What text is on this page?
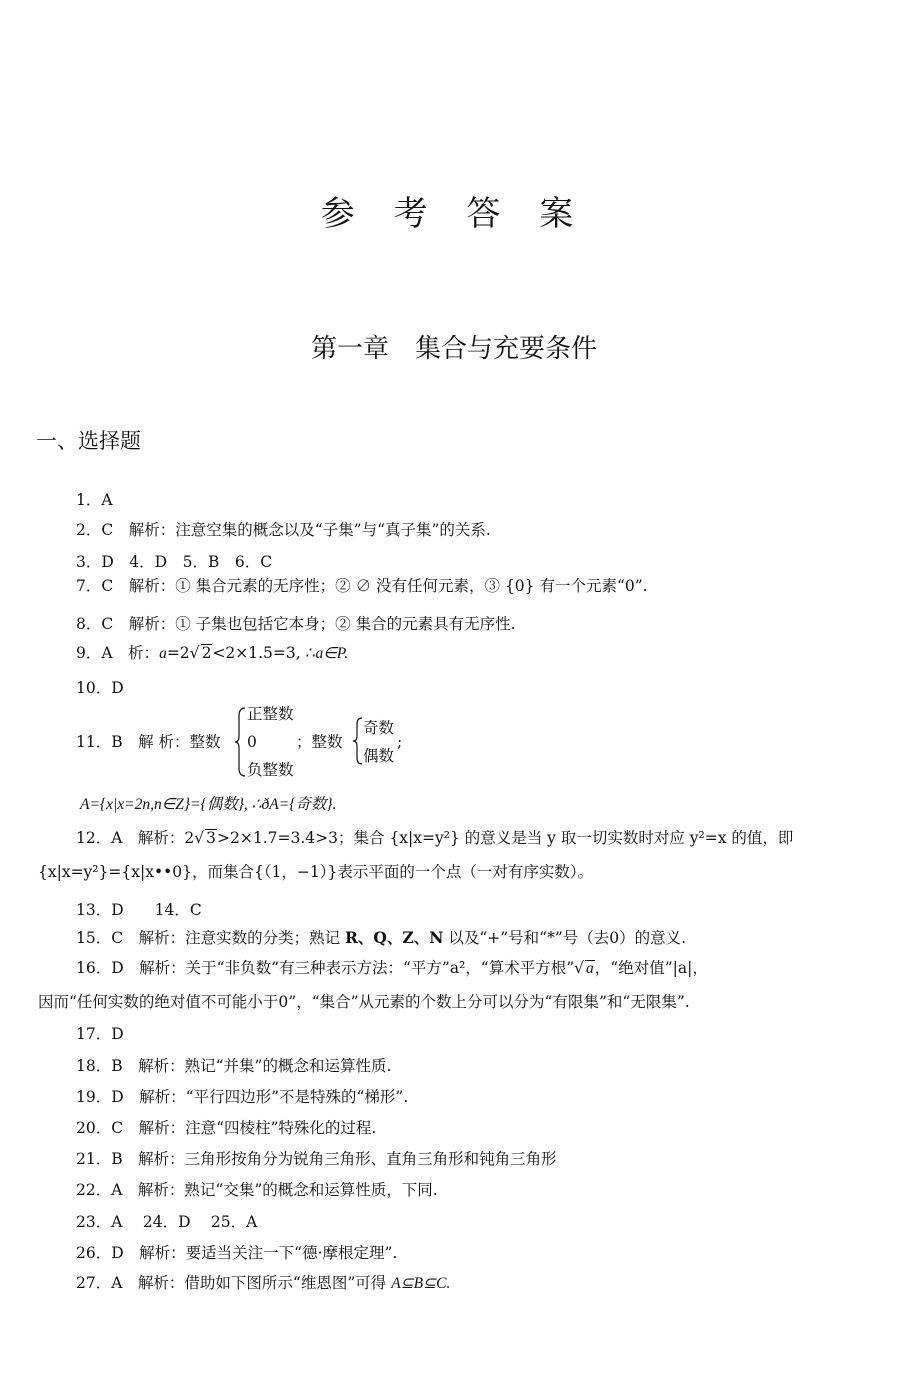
参 考 答 案
第一章　集合与充要条件
一、选择题
1．A
2．C　解析：注意空集的概念以及“子集”与“真子集”的关系.
3．D　4．D　5．B　6．C
7．C　解析：① 集合元素的无序性；② ∅ 没有任何元素，③ {0} 有一个元素“0”.
8．C　解析：① 子集也包括它本身；② 集合的元素具有无序性.
9．A　析：a=2√ 2<2×1.5=3, ∴a∈P.
10．D
11．B　解 析：整数
正整数
0
负整数
；整数
奇数
偶数
;
A={x|x=2n,n∈Z}={偶数}, ∴ðA={奇数}.
12．A　解析：2√ 3>2×1.7=3.4>3；集合 {x|x=y²} 的意义是当 y 取一切实数时对应 y²=x 的值，即
{x|x=y²}={x|x••0}，而集合{（1，−1）}表示平面的一个点（一对有序实数）。
13．D　　14．C
15．C　解析：注意实数的分类；熟记 R、Q、Z、N 以及“+”号和“*”号（去0）的意义.
16．D　解析：关于“非负数”有三种表示方法：“平方”a²，“算术平方根”√ a，“绝对值”|a|，
因而“任何实数的绝对值不可能小于0”，“集合”从元素的个数上分可以分为“有限集”和“无限集”.
17．D
18．B　解析：熟记“并集”的概念和运算性质.
19．D　解析：“平行四边形”不是特殊的“梯形”.
20．C　解析：注意“四棱柱”特殊化的过程.
21．B　解析：三角形按角分为锐角三角形、直角三角形和钝角三角形
22．A　解析：熟记“交集”的概念和运算性质，下同.
23．A　 24．D　 25．A
26．D　解析：要适当关注一下“德·摩根定理”.
27．A　解析：借助如下图所示“维恩图”可得 A⊆B⊆C.
